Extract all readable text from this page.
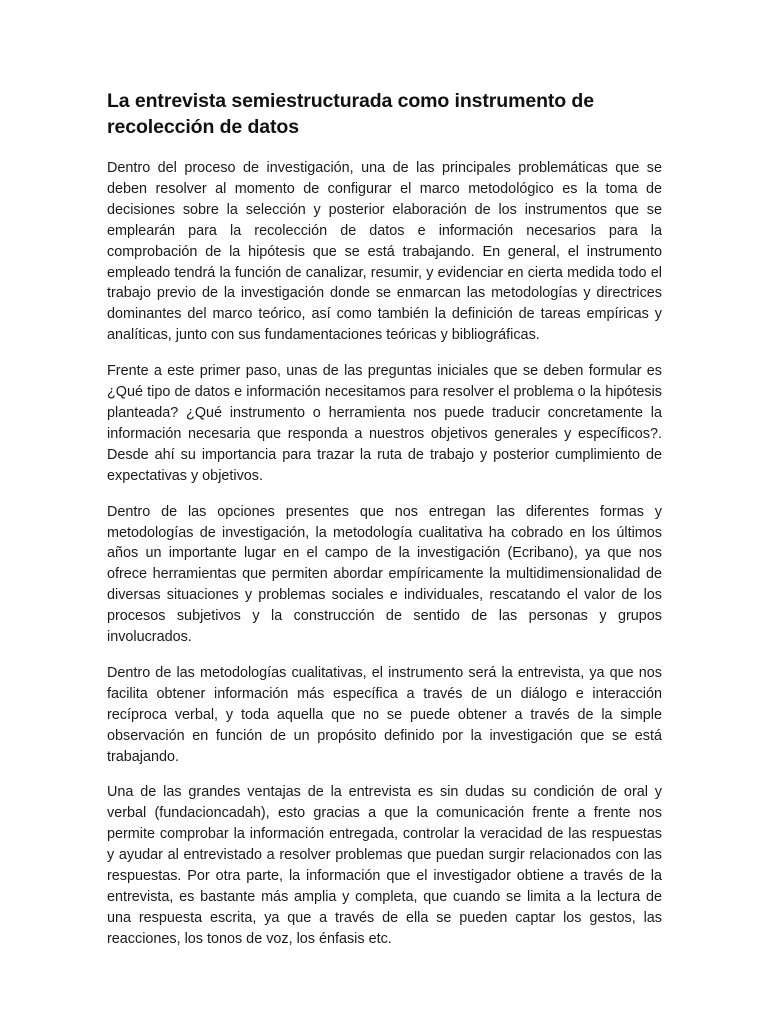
La entrevista semiestructurada como instrumento de recolección de datos

Dentro del proceso de investigación, una de las principales problemáticas que se deben resolver al momento de configurar el marco metodológico es la toma de decisiones sobre la selección y posterior elaboración de los instrumentos que se emplearán para la recolección de datos e información necesarios para la comprobación de la hipótesis que se está trabajando. En general, el instrumento empleado tendrá la función de canalizar, resumir, y evidenciar en cierta medida todo el trabajo previo de la investigación donde se enmarcan las metodologías y directrices dominantes del marco teórico, así como también la definición de tareas empíricas y analíticas, junto con sus fundamentaciones teóricas y bibliográficas.

Frente a este primer paso, unas de las preguntas iniciales que se deben formular es ¿Qué tipo de datos e información necesitamos para resolver el problema o la hipótesis planteada? ¿Qué instrumento o herramienta nos puede traducir concretamente la información necesaria que responda a nuestros objetivos generales y específicos?. Desde ahí su importancia para trazar la ruta de trabajo y posterior cumplimiento de expectativas y objetivos.

Dentro de las opciones presentes que nos entregan las diferentes formas y metodologías de investigación, la metodología cualitativa ha cobrado en los últimos años un importante lugar en el campo de la investigación (Ecribano), ya que nos ofrece herramientas que permiten abordar empíricamente la multidimensionalidad de diversas situaciones y problemas sociales e individuales, rescatando el valor de los procesos subjetivos y la construcción de sentido de las personas y grupos involucrados.

Dentro de las metodologías cualitativas, el instrumento será la entrevista, ya que nos facilita obtener información más específica a través de un diálogo e interacción recíproca verbal, y toda aquella que no se puede obtener a través de la simple observación en función de un propósito definido por la investigación que se está trabajando.

Una de las grandes ventajas de la entrevista es sin dudas su condición de oral y verbal (fundacioncadah), esto gracias a que la comunicación frente a frente nos permite comprobar la información entregada, controlar la veracidad de las respuestas y ayudar al entrevistado a resolver problemas que puedan surgir relacionados con las respuestas. Por otra parte, la información que el investigador obtiene a través de la entrevista, es bastante más amplia y completa, que cuando se limita a la lectura de una respuesta escrita, ya que a través de ella se pueden captar los gestos, las reacciones, los tonos de voz, los énfasis etc.
